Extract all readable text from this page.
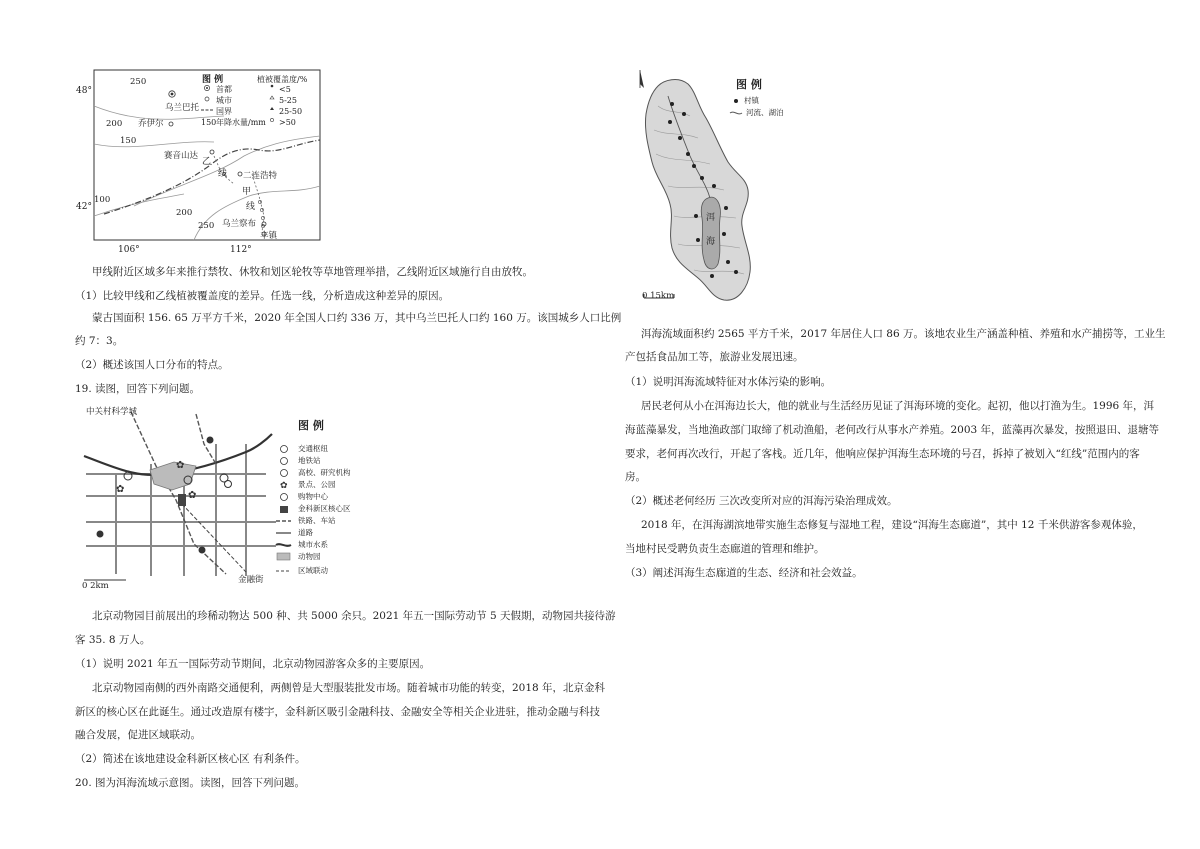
48°
42°
106°	112°
250
200
150
100
200
250
乌兰巴托
乔伊尔
赛音山达
二连浩特
乌兰察布
丰镇
乙
线
甲
线
图 例	植被覆盖度/%
首都
城市
国界
150 年降水量/mm
<5
5-25
25-50
>50
甲线附近区域多年来推行禁牧、休牧和划区轮牧等草地管理举措，乙线附近区域施行自由放牧。
（1）比较甲线和乙线植被覆盖度的差异。任选一线，分析造成这种差异的原因。
蒙古国面积 156. 65 万平方千米，2020 年全国人口约 336 万，其中乌兰巴托人口约 160 万。该国城乡人口比例
约 7：3。
（2）概述该国人口分布的特点。
19. 读图，回答下列问题。
✿
✿
✿
✿
中关村科学城
金融街
0 2km
图 例
交通枢纽
地铁站
高校、研究机构
景点、公园
购物中心
金科新区核心区
铁路、车站
道路
城市水系
动物园
区域联动
北京动物园目前展出的珍稀动物达 500 种、共 5000 余只。2021 年五一国际劳动节 5 天假期，动物园共接待游
客 35. 8 万人。
（1）说明 2021 年五一国际劳动节期间，北京动物园游客众多的主要原因。
北京动物园南侧的西外南路交通便利，两侧曾是大型服装批发市场。随着城市功能的转变，2018 年，北京金科
新区的核心区在此诞生。通过改造原有楼宇，金科新区吸引金融科技、金融安全等相关企业进驻，推动金融与科技
融合发展，促进区域联动。
（2）简述在该地建设金科新区核心区 有利条件。
20. 图为洱海流域示意图。读图，回答下列问题。
图 例
村镇
河流、湖泊
洱海
0 15km
洱海流域面积约 2565 平方千米，2017 年居住人口 86 万。该地农业生产涵盖种植、养殖和水产捕捞等，工业生
产包括食品加工等，旅游业发展迅速。
（1）说明洱海流域特征对水体污染的影响。
居民老何从小在洱海边长大，他的就业与生活经历见证了洱海环境的变化。起初，他以打渔为生。1996 年，洱
海蓝藻暴发，当地渔政部门取缔了机动渔船，老何改行从事水产养殖。2003 年，蓝藻再次暴发，按照退田、退塘等
要求，老何再次改行，开起了客栈。近几年，他响应保护洱海生态环境的号召，拆掉了被划入“红线”范围内的客
房。
（2）概述老何经历 三次改变所对应的洱海污染治理成效。
2018 年，在洱海湖滨地带实施生态修复与湿地工程，建设“洱海生态廊道”，其中 12 千米供游客参观体验，
当地村民受聘负责生态廊道的管理和维护。
（3）阐述洱海生态廊道的生态、经济和社会效益。
